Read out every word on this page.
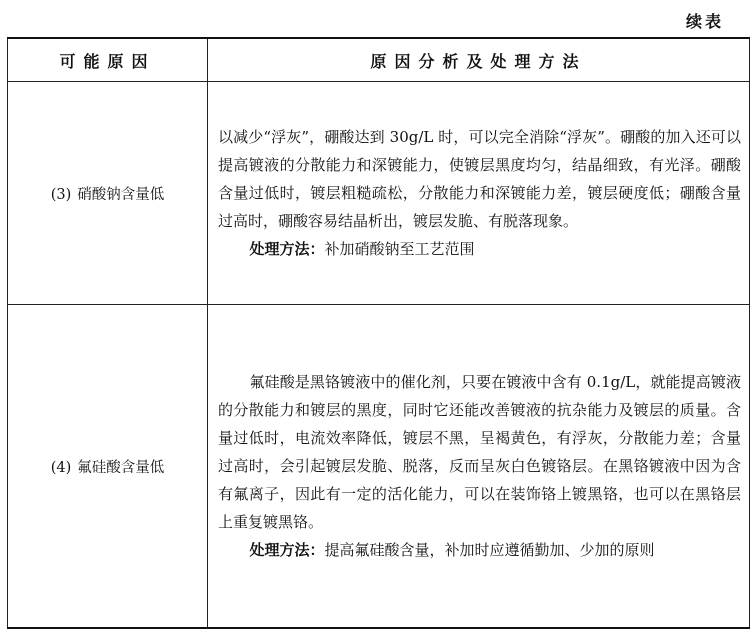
续表
可能原因	原因分析及处理方法
(3) 硝酸钠含量低	以减少“浮灰”，硼酸达到 30g/L 时，可以完全消除“浮灰”。硼酸的加入还可以提高镀液的分散能力和深镀能力，使镀层黑度均匀，结晶细致，有光泽。硼酸含量过低时，镀层粗糙疏松，分散能力和深镀能力差，镀层硬度低；硼酸含量过高时，硼酸容易结晶析出，镀层发脆、有脱落现象。
处理方法：补加硝酸钠至工艺范围

(4) 氟硅酸含量低	氟硅酸是黑铬镀液中的催化剂，只要在镀液中含有 0.1g/L，就能提高镀液的分散能力和镀层的黑度，同时它还能改善镀液的抗杂能力及镀层的质量。含量过低时，电流效率降低，镀层不黑，呈褐黄色，有浮灰，分散能力差；含量过高时，会引起镀层发脆、脱落，反而呈灰白色镀铬层。在黑铬镀液中因为含有氟离子，因此有一定的活化能力，可以在装饰铬上镀黑铬，也可以在黑铬层上重复镀黑铬。
处理方法：提高氟硅酸含量，补加时应遵循勤加、少加的原则
